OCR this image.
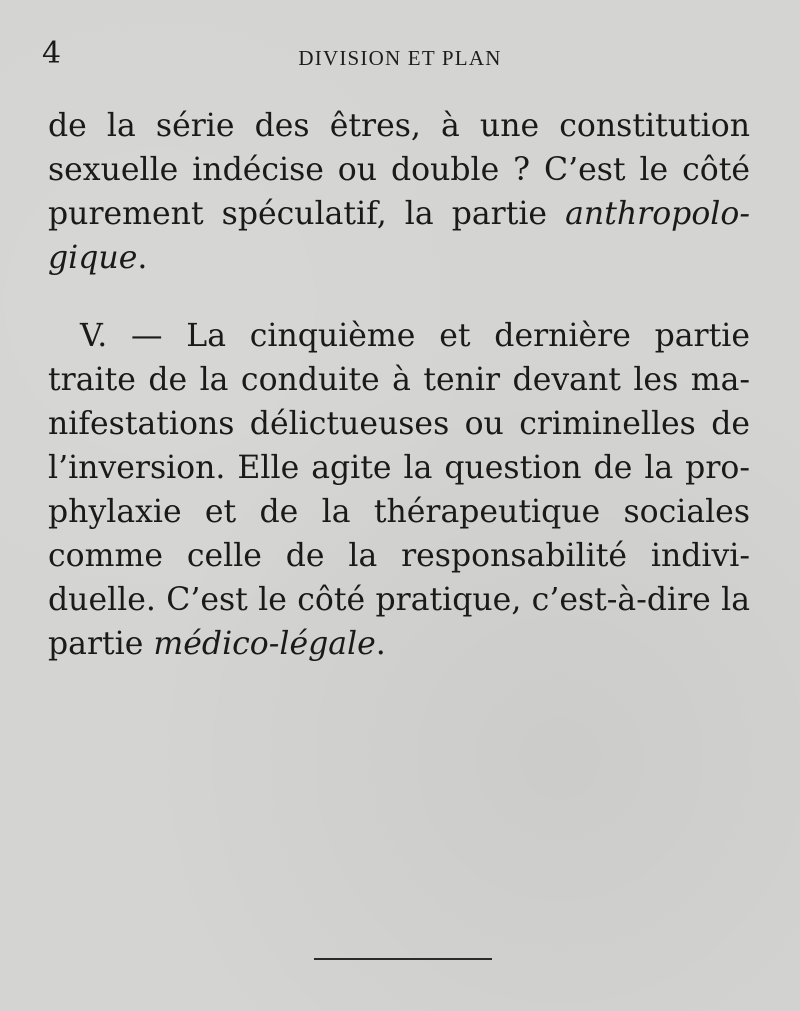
4	DIVISION ET PLAN
de la série des êtres, à une constitution
sexuelle indécise ou double ? C’est le côté
purement spéculatif, la partie anthropolo-
gique.
V. — La cinquième et dernière partie
traite de la conduite à tenir devant les ma-
nifestations délictueuses ou criminelles de
l’inversion. Elle agite la question de la pro-
phylaxie et de la thérapeutique sociales
comme celle de la responsabilité indivi-
duelle. C’est le côté pratique, c’est-à-dire la
partie médico-légale.
